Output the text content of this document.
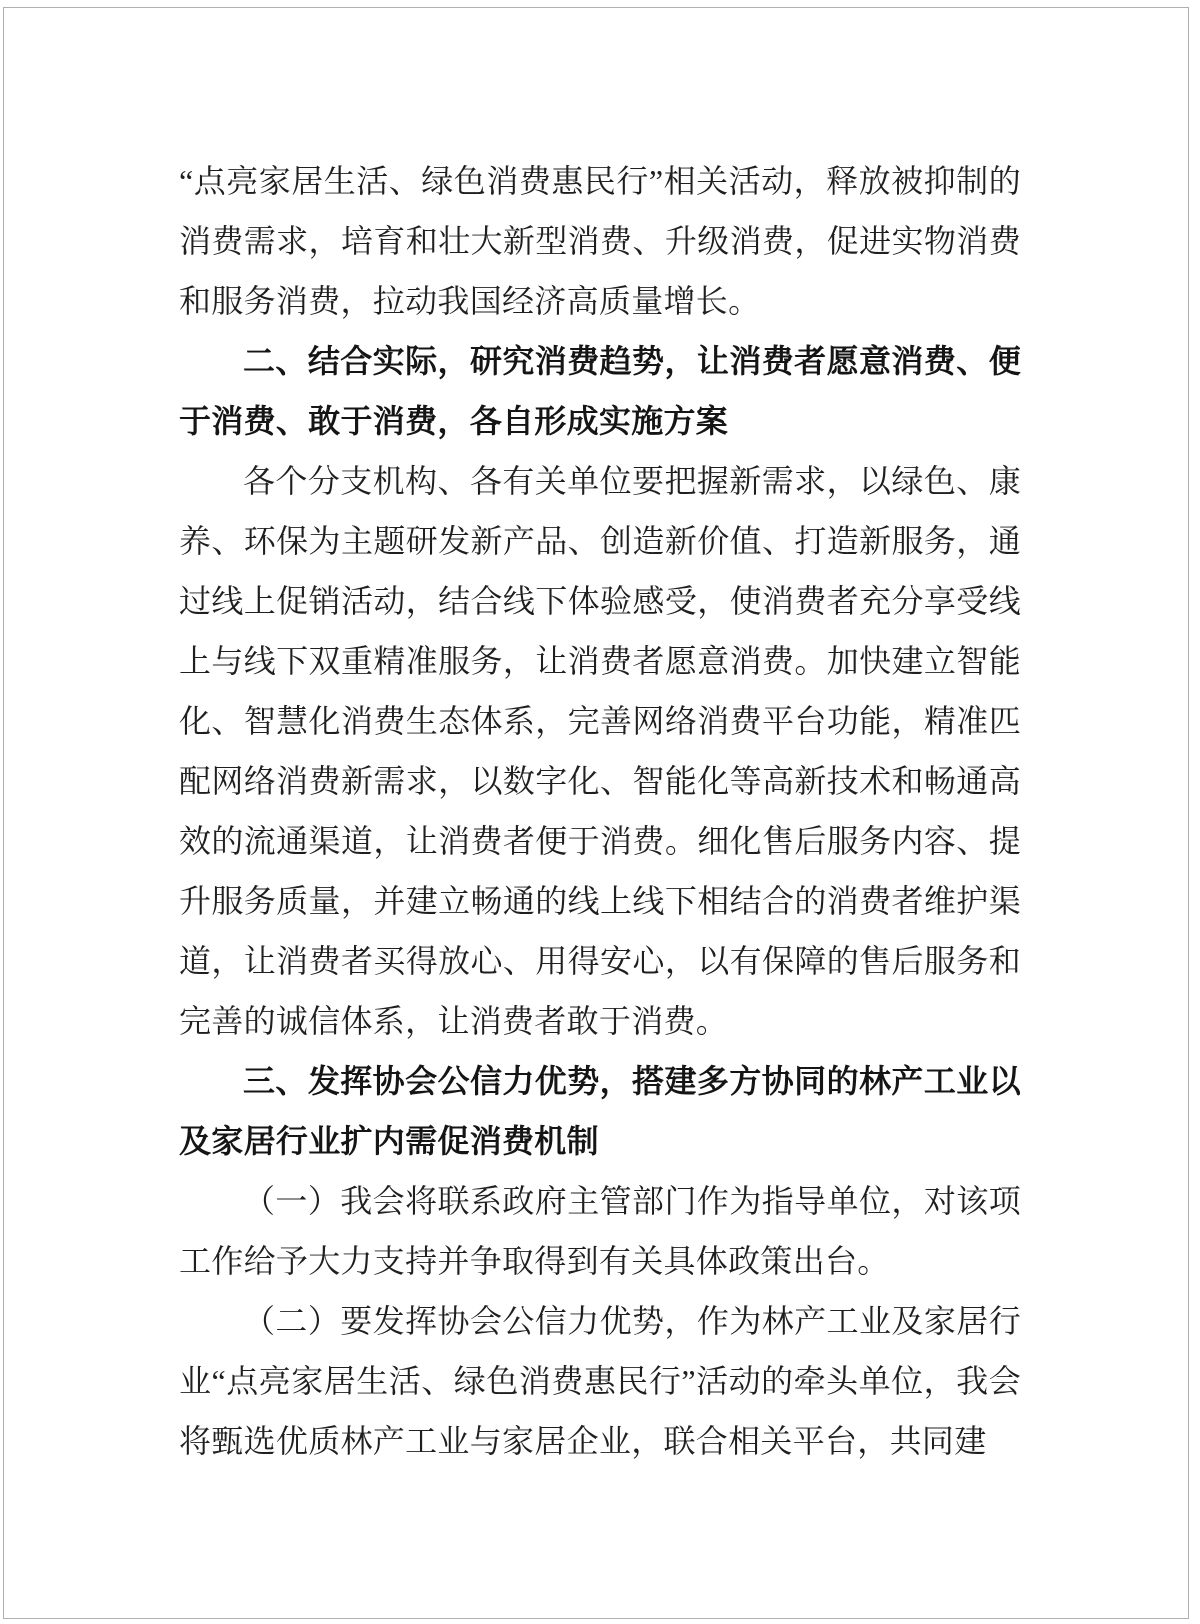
“点亮家居生活、绿色消费惠民行”相关活动，释放被抑制的消费需求，培育和壮大新型消费、升级消费，促进实物消费和服务消费，拉动我国经济高质量增长。

二、结合实际，研究消费趋势，让消费者愿意消费、便于消费、敢于消费，各自形成实施方案

各个分支机构、各有关单位要把握新需求，以绿色、康养、环保为主题研发新产品、创造新价值、打造新服务，通过线上促销活动，结合线下体验感受，使消费者充分享受线上与线下双重精准服务，让消费者愿意消费。加快建立智能化、智慧化消费生态体系，完善网络消费平台功能，精准匹配网络消费新需求，以数字化、智能化等高新技术和畅通高效的流通渠道，让消费者便于消费。细化售后服务内容、提升服务质量，并建立畅通的线上线下相结合的消费者维护渠道，让消费者买得放心、用得安心，以有保障的售后服务和完善的诚信体系，让消费者敢于消费。

三、发挥协会公信力优势，搭建多方协同的林产工业以及家居行业扩内需促消费机制

（一）我会将联系政府主管部门作为指导单位，对该项工作给予大力支持并争取得到有关具体政策出台。

（二）要发挥协会公信力优势，作为林产工业及家居行业“点亮家居生活、绿色消费惠民行”活动的牵头单位，我会将甄选优质林产工业与家居企业，联合相关平台，共同建
